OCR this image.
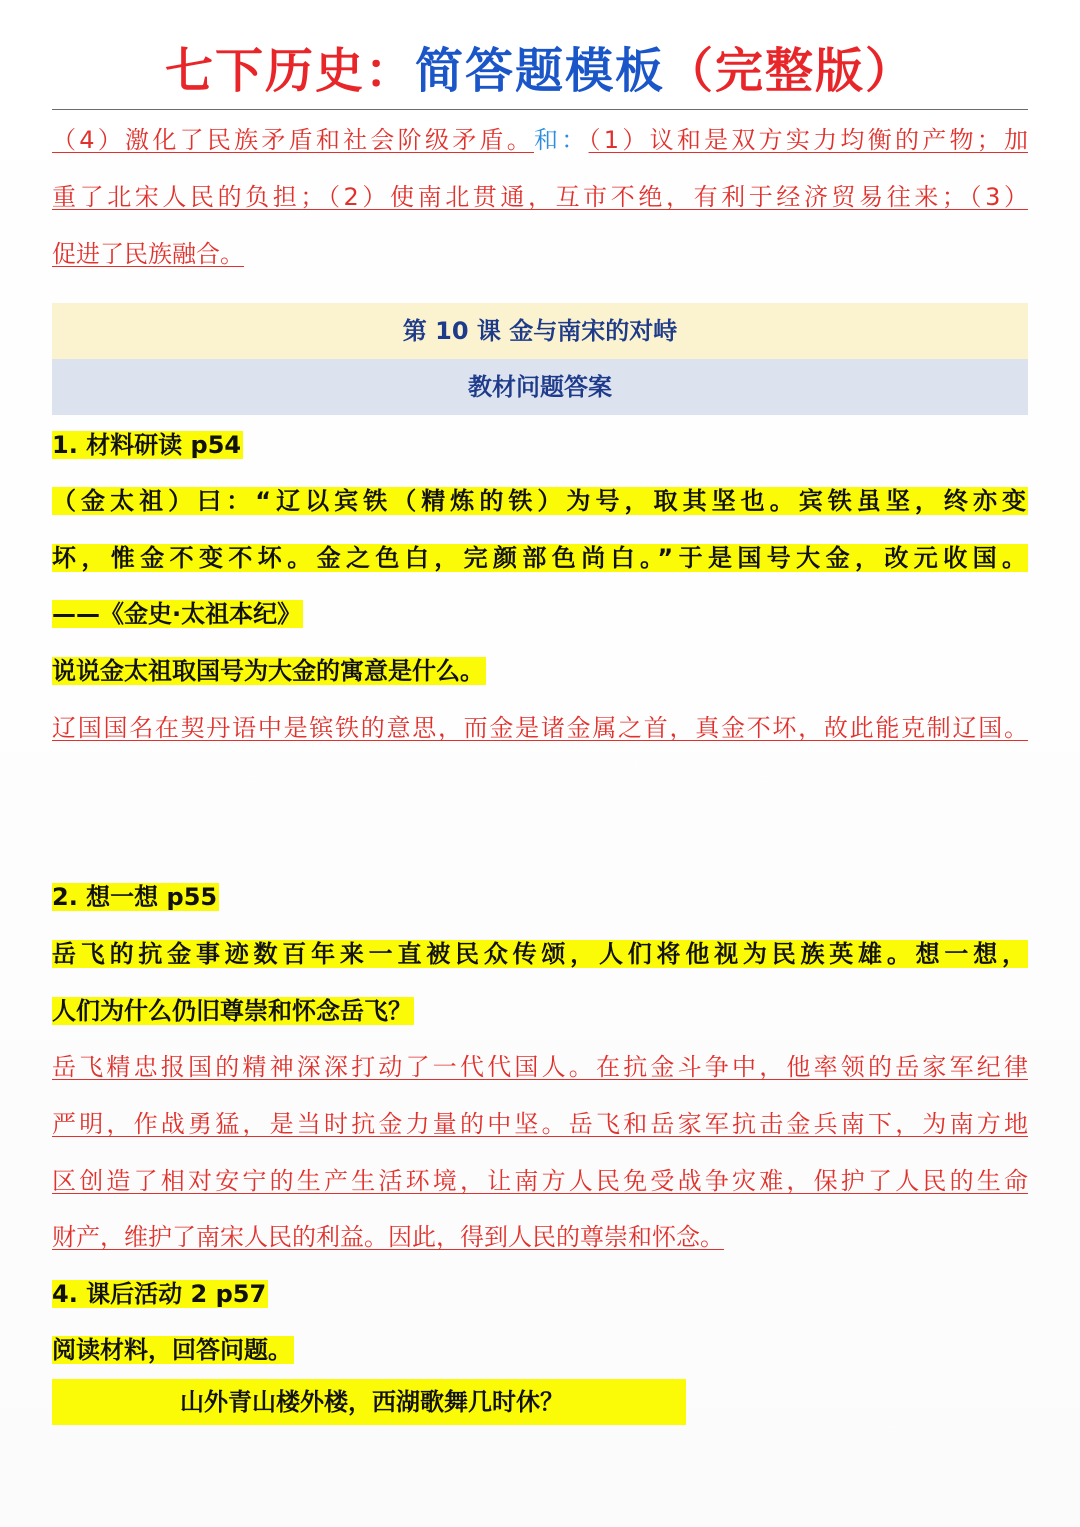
七下历史：简答题模板（完整版）
（4）激化了民族矛盾和社会阶级矛盾。和：（1）议和是双方实力均衡的产物；加
重了北宋人民的负担；（2）使南北贯通，互市不绝，有利于经济贸易往来；（3）
促进了民族融合。
第 10 课 金与南宋的对峙
教材问题答案
1. 材料研读 p54
（金太祖）曰：“辽以宾铁（精炼的铁）为号，取其坚也。宾铁虽坚，终亦变
坏，惟金不变不坏。金之色白，完颜部色尚白。”于是国号大金，改元收国。
——《金史·太祖本纪》
说说金太祖取国号为大金的寓意是什么。
辽国国名在契丹语中是镔铁的意思，而金是诸金属之首，真金不坏，故此能克制辽国。
2. 想一想 p55
岳飞的抗金事迹数百年来一直被民众传颂，人们将他视为民族英雄。想一想，
人们为什么仍旧尊崇和怀念岳飞？
岳飞精忠报国的精神深深打动了一代代国人。在抗金斗争中，他率领的岳家军纪律
严明，作战勇猛，是当时抗金力量的中坚。岳飞和岳家军抗击金兵南下，为南方地
区创造了相对安宁的生产生活环境，让南方人民免受战争灾难，保护了人民的生命
财产，维护了南宋人民的利益。因此，得到人民的尊崇和怀念。
4. 课后活动 2 p57
阅读材料，回答问题。
山外青山楼外楼，西湖歌舞几时休？
